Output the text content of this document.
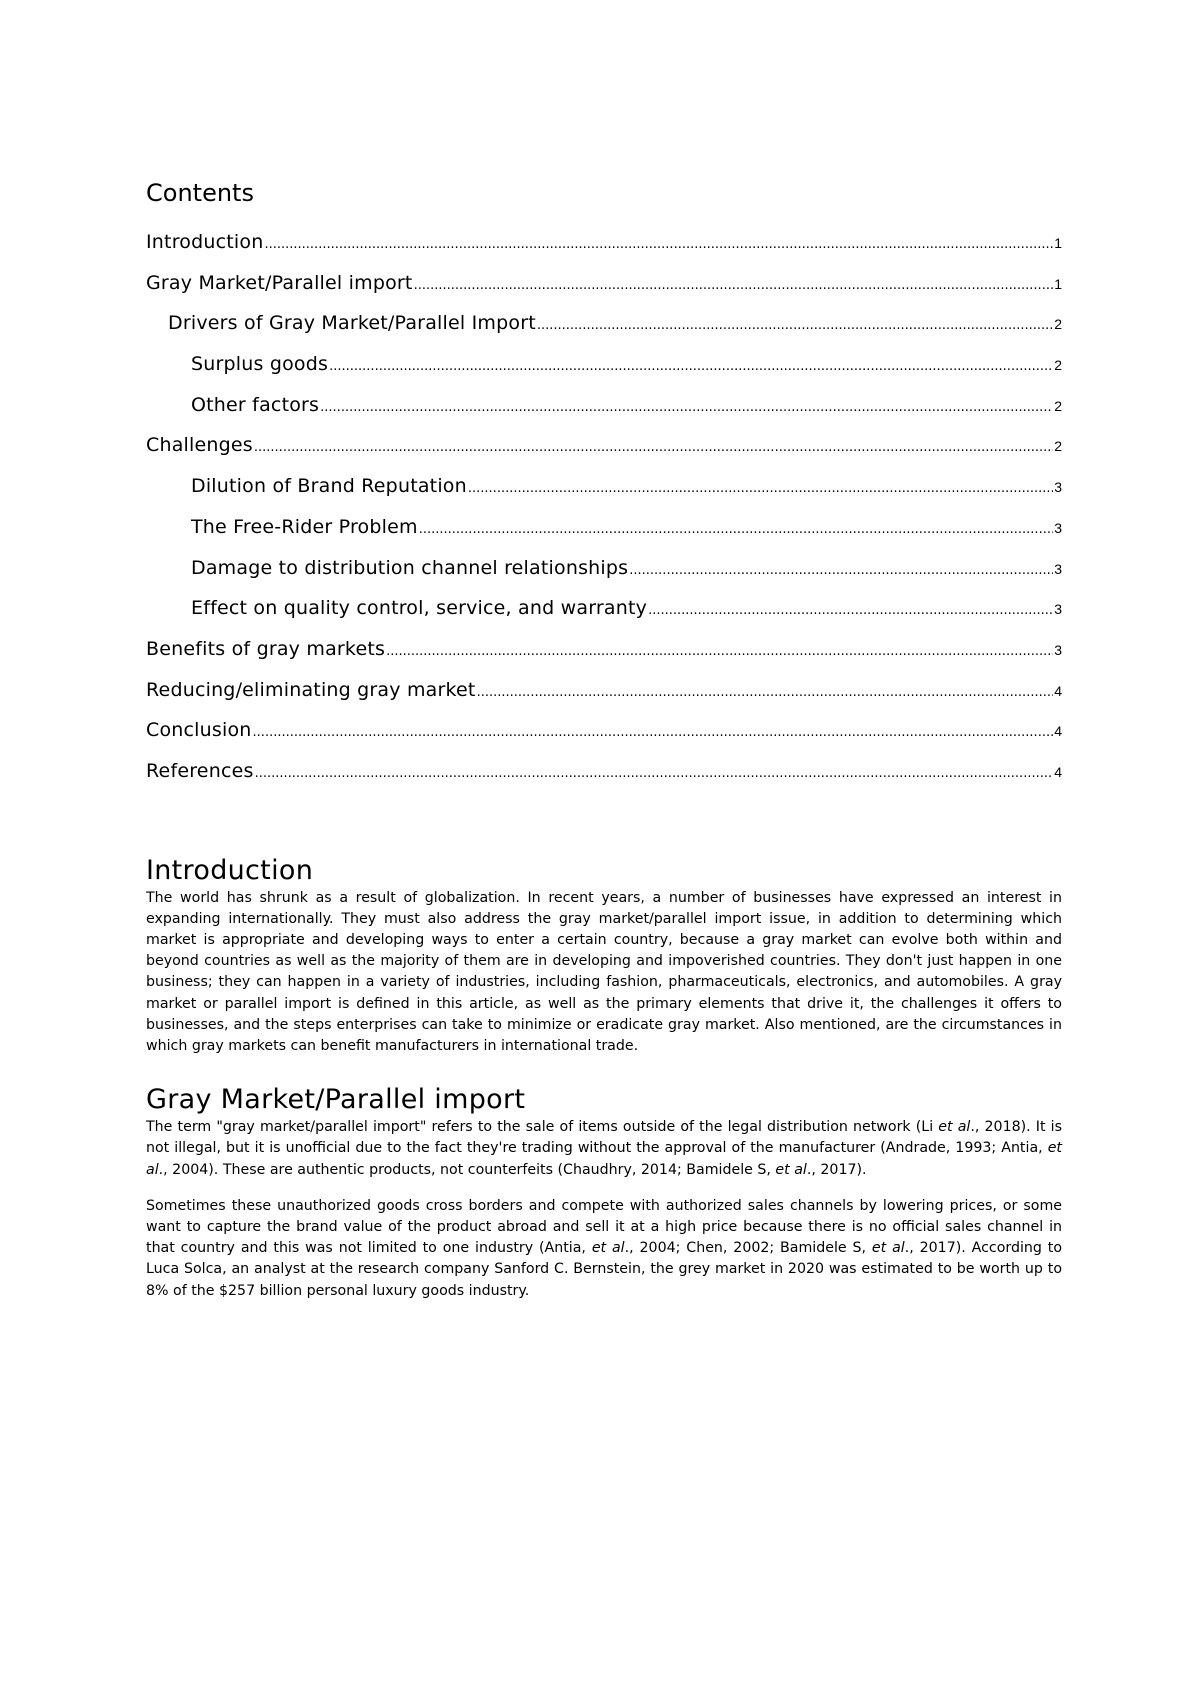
Contents
Introduction .....	1
Gray Market/Parallel import .....	1
Drivers of Gray Market/Parallel Import .....	2
Surplus goods .....	2
Other factors .....	2
Challenges .....	2
Dilution of Brand Reputation .....	3
The Free-Rider Problem .....	3
Damage to distribution channel relationships .....	3
Effect on quality control, service, and warranty .....	3
Benefits of gray markets .....	3
Reducing/eliminating gray market .....	4
Conclusion .....	4
References .....	4
Introduction

The world has shrunk as a result of globalization. In recent years, a number of businesses have expressed an interest in expanding internationally. They must also address the gray market/parallel import issue, in addition to determining which market is appropriate and developing ways to enter a certain country, because a gray market can evolve both within and beyond countries as well as the majority of them are in developing and impoverished countries. They don't just happen in one business; they can happen in a variety of industries, including fashion, pharmaceuticals, electronics, and automobiles. A gray market or parallel import is defined in this article, as well as the primary elements that drive it, the challenges it offers to businesses, and the steps enterprises can take to minimize or eradicate gray market. Also mentioned, are the circumstances in which gray markets can benefit manufacturers in international trade.

Gray Market/Parallel import

The term "gray market/parallel import" refers to the sale of items outside of the legal distribution network (Li et al., 2018). It is not illegal, but it is unofficial due to the fact they're trading without the approval of the manufacturer (Andrade, 1993; Antia, et al., 2004). These are authentic products, not counterfeits (Chaudhry, 2014; Bamidele S, et al., 2017).

Sometimes these unauthorized goods cross borders and compete with authorized sales channels by lowering prices, or some want to capture the brand value of the product abroad and sell it at a high price because there is no official sales channel in that country and this was not limited to one industry (Antia, et al., 2004; Chen, 2002; Bamidele S, et al., 2017). According to Luca Solca, an analyst at the research company Sanford C. Bernstein, the grey market in 2020 was estimated to be worth up to 8% of the $257 billion personal luxury goods industry.
